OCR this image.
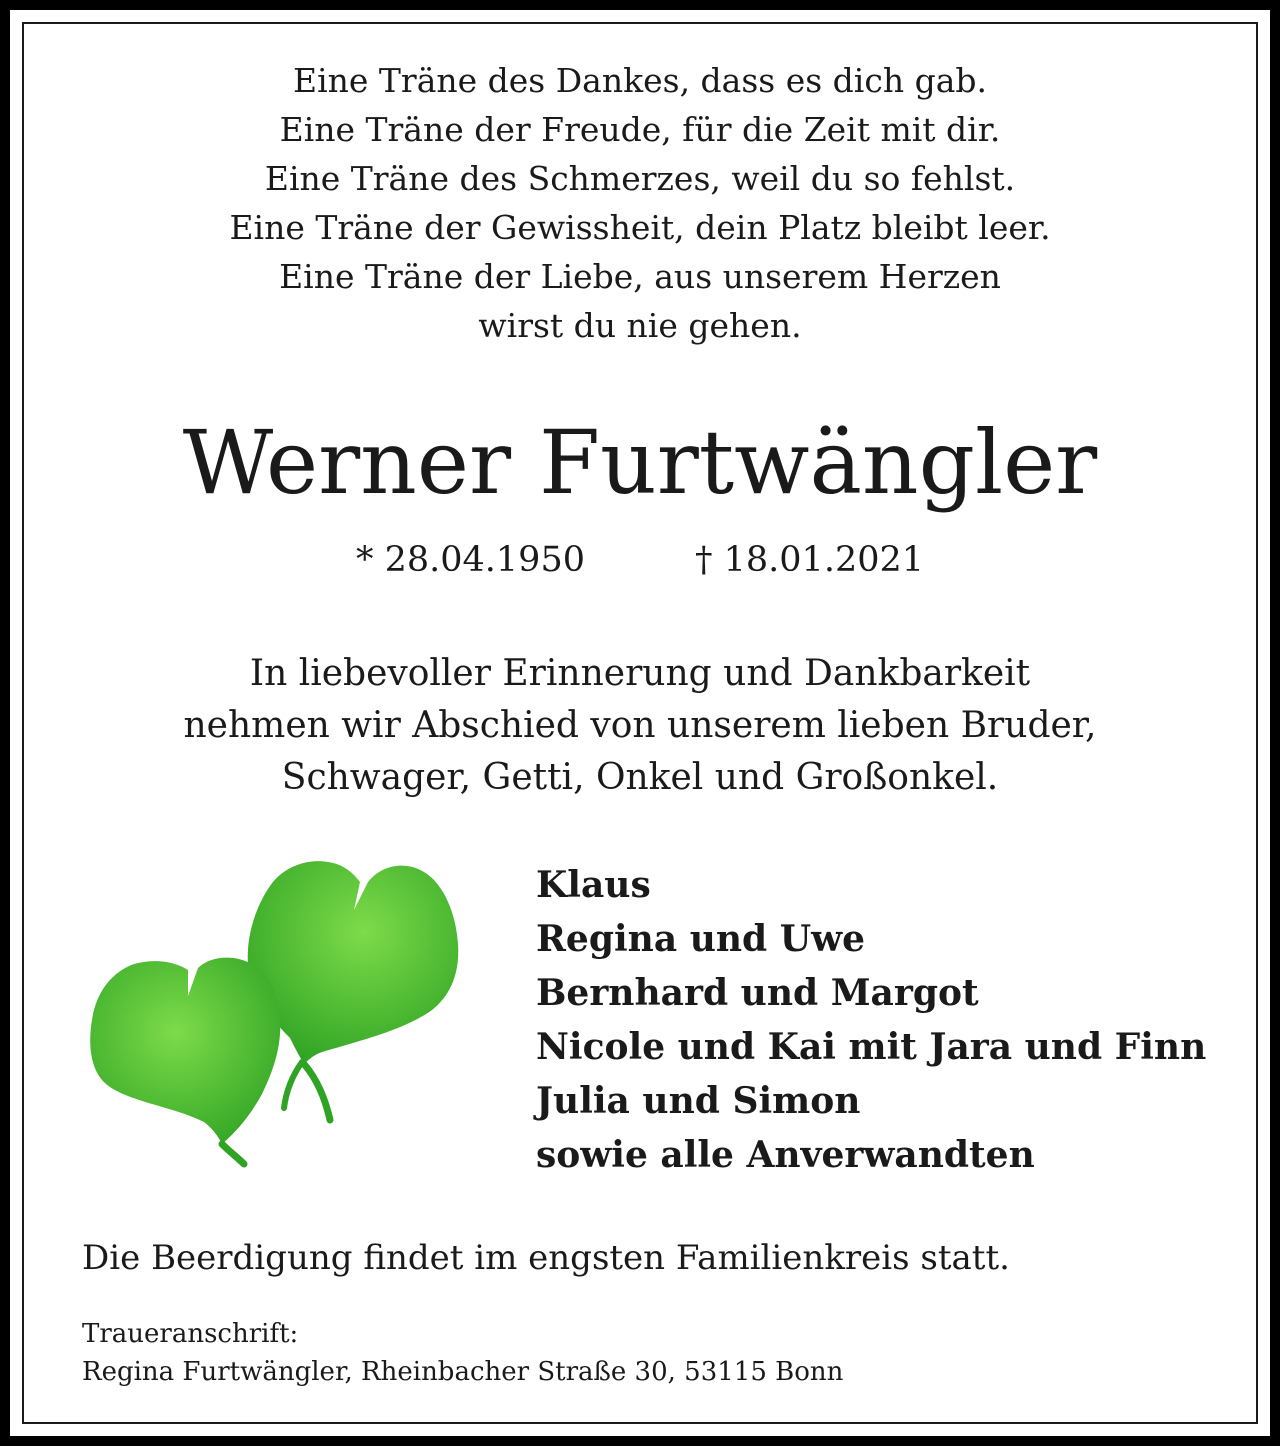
Eine Träne des Dankes, dass es dich gab.
Eine Träne der Freude, für die Zeit mit dir.
Eine Träne des Schmerzes, weil du so fehlst.
Eine Träne der Gewissheit, dein Platz bleibt leer.
Eine Träne der Liebe, aus unserem Herzen
wirst du nie gehen.
Werner Furtwängler
* 28.04.1950	† 18.01.2021
In liebevoller Erinnerung und Dankbarkeit
nehmen wir Abschied von unserem lieben Bruder,
Schwager, Getti, Onkel und Großonkel.
Klaus
Regina und Uwe
Bernhard und Margot
Nicole und Kai mit Jara und Finn
Julia und Simon
sowie alle Anverwandten
Die Beerdigung findet im engsten Familienkreis statt.
Traueranschrift:
Regina Furtwängler, Rheinbacher Straße 30, 53115 Bonn
